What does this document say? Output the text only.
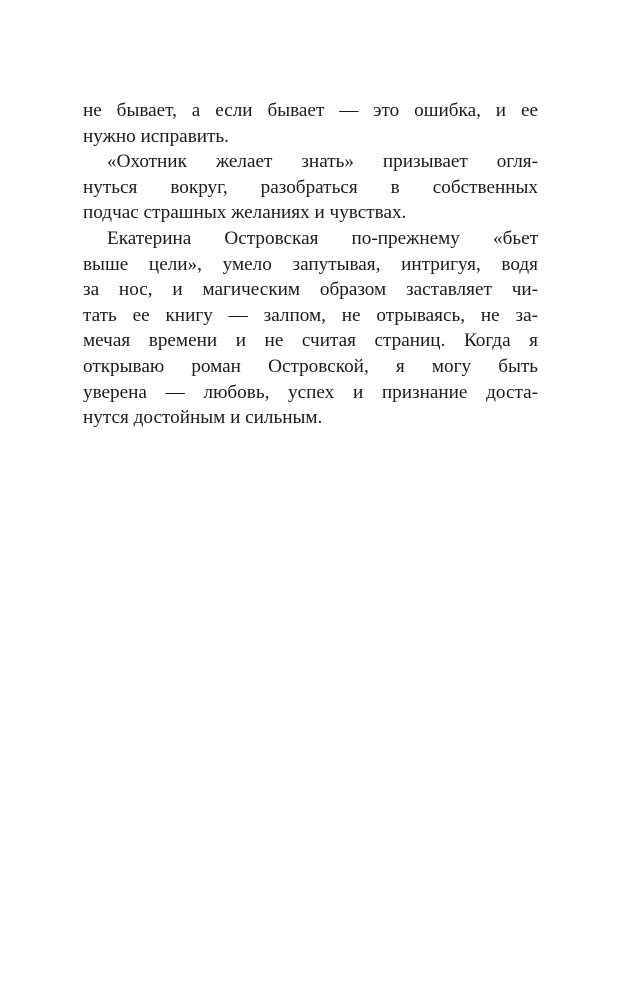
не бывает, а если бывает — это ошибка, и ее
нужно исправить.
«Охотник желает знать» призывает огля-
нуться вокруг, разобраться в собственных
подчас страшных желаниях и чувствах.
Екатерина Островская по-прежнему «бьет
выше цели», умело запутывая, интригуя, водя
за нос, и магическим образом заставляет чи-
тать ее книгу — залпом, не отрываясь, не за-
мечая времени и не считая страниц. Когда я
открываю роман Островской, я могу быть
уверена — любовь, успех и признание доста-
нутся достойным и сильным.
